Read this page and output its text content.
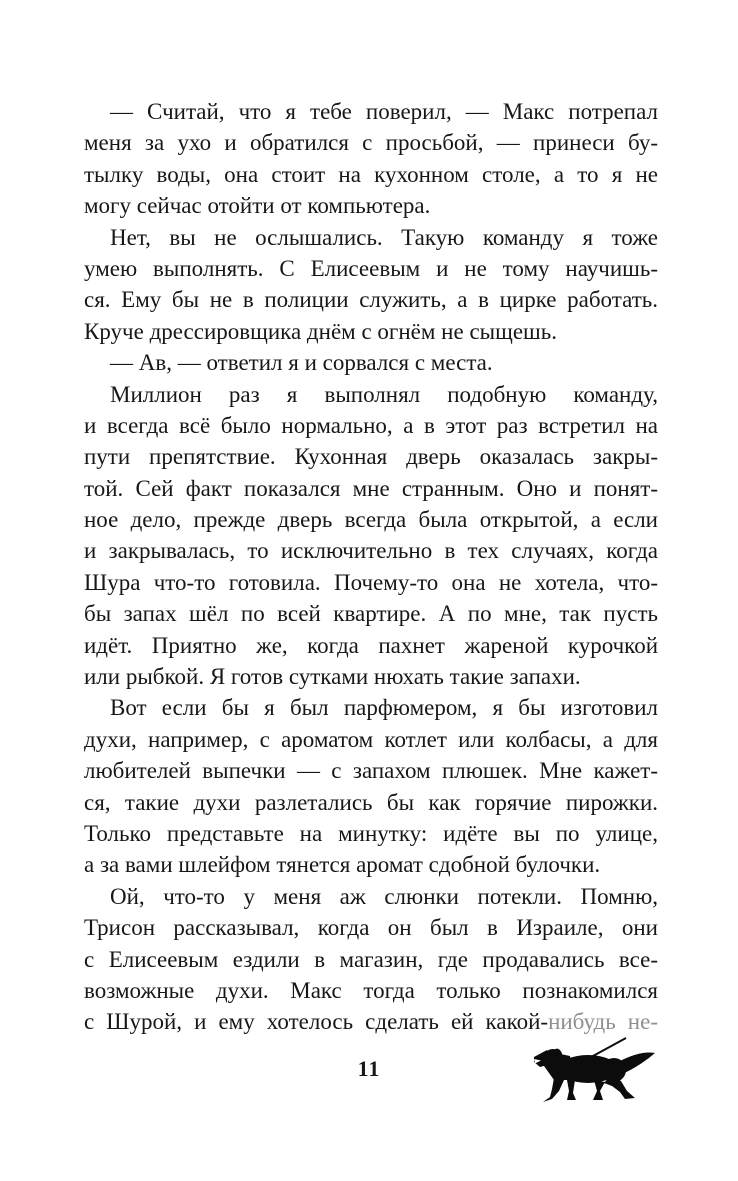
— Считай, что я тебе поверил, — Макс потрепал
меня за ухо и обратился с просьбой, — принеси бу-
тылку воды, она стоит на кухонном столе, а то я не
могу сейчас отойти от компьютера.
Нет, вы не ослышались. Такую команду я тоже
умею выполнять. С Елисеевым и не тому научишь-
ся. Ему бы не в полиции служить, а в цирке работать.
Круче дрессировщика днём с огнём не сыщешь.
— Ав, — ответил я и сорвался с места.
Миллион раз я выполнял подобную команду,
и всегда всё было нормально, а в этот раз встретил на
пути препятствие. Кухонная дверь оказалась закры-
той. Сей факт показался мне странным. Оно и понят-
ное дело, прежде дверь всегда была открытой, а если
и закрывалась, то исключительно в тех случаях, когда
Шура что-то готовила. Почему-то она не хотела, что-
бы запах шёл по всей квартире. А по мне, так пусть
идёт. Приятно же, когда пахнет жареной курочкой
или рыбкой. Я готов сутками нюхать такие запахи.
Вот если бы я был парфюмером, я бы изготовил
духи, например, с ароматом котлет или колбасы, а для
любителей выпечки — с запахом плюшек. Мне кажет-
ся, такие духи разлетались бы как горячие пирожки.
Только представьте на минутку: идёте вы по улице,
а за вами шлейфом тянется аромат сдобной булочки.
Ой, что-то у меня аж слюнки потекли. Помню,
Трисон рассказывал, когда он был в Израиле, они
с Елисеевым ездили в магазин, где продавались все-
возможные духи. Макс тогда только познакомился
с Шурой, и ему хотелось сделать ей какой-нибудь не-
11
